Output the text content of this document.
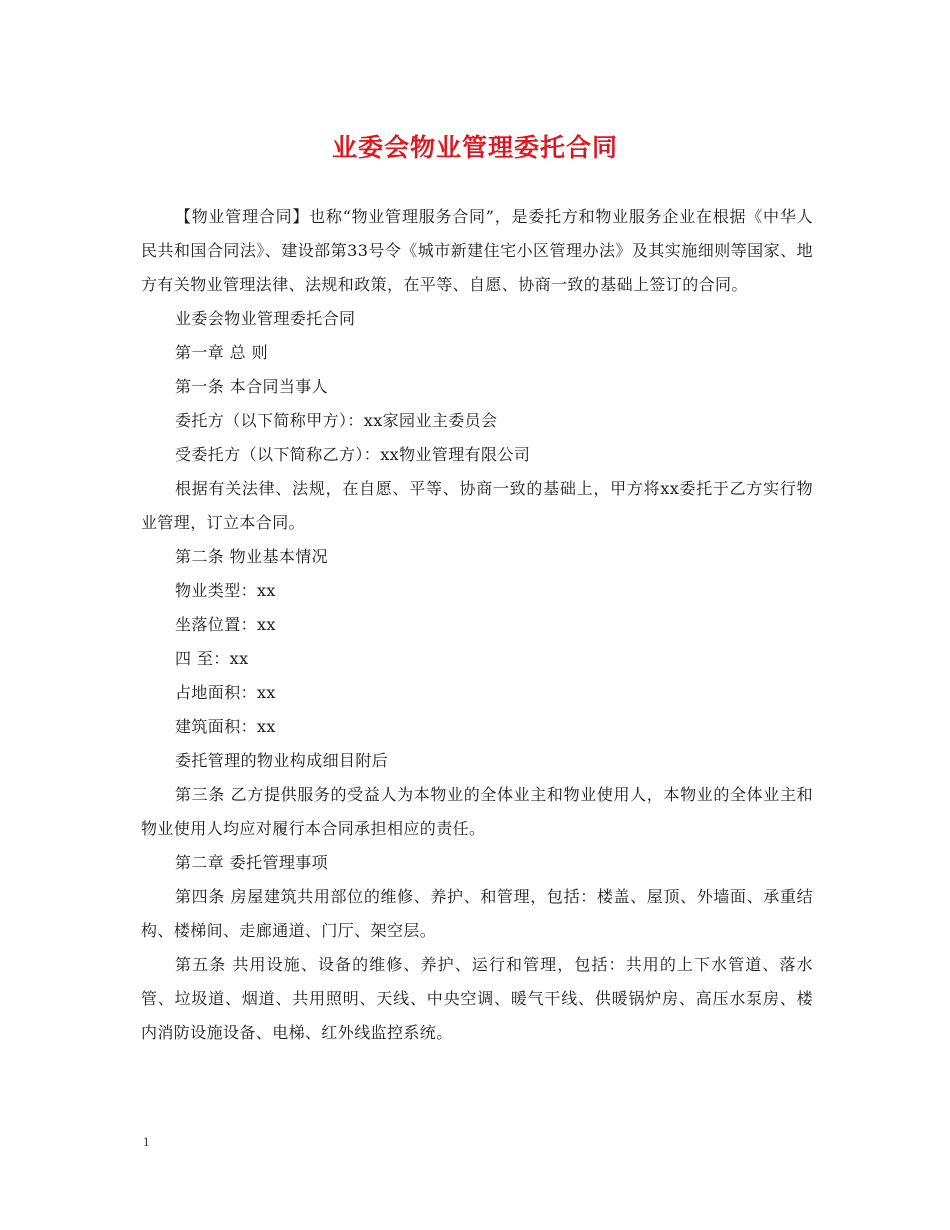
业委会物业管理委托合同

【物业管理合同】也称“物业管理服务合同”，是委托方和物业服务企业在根据《中华人民共和国合同法》、建设部第33号令《城市新建住宅小区管理办法》及其实施细则等国家、地方有关物业管理法律、法规和政策，在平等、自愿、协商一致的基础上签订的合同。

业委会物业管理委托合同

第一章 总 则

第一条 本合同当事人

委托方（以下简称甲方）：xx家园业主委员会

受委托方（以下简称乙方）：xx物业管理有限公司

根据有关法律、法规，在自愿、平等、协商一致的基础上，甲方将xx委托于乙方实行物业管理，订立本合同。

第二条 物业基本情况

物业类型：xx

坐落位置：xx

四 至：xx

占地面积：xx

建筑面积：xx

委托管理的物业构成细目附后

第三条 乙方提供服务的受益人为本物业的全体业主和物业使用人，本物业的全体业主和物业使用人均应对履行本合同承担相应的责任。

第二章 委托管理事项

第四条 房屋建筑共用部位的维修、养护、和管理，包括：楼盖、屋顶、外墙面、承重结构、楼梯间、走廊通道、门厅、架空层。

第五条 共用设施、设备的维修、养护、运行和管理，包括：共用的上下水管道、落水管、垃圾道、烟道、共用照明、天线、中央空调、暖气干线、供暖锅炉房、高压水泵房、楼内消防设施设备、电梯、红外线监控系统。

1
